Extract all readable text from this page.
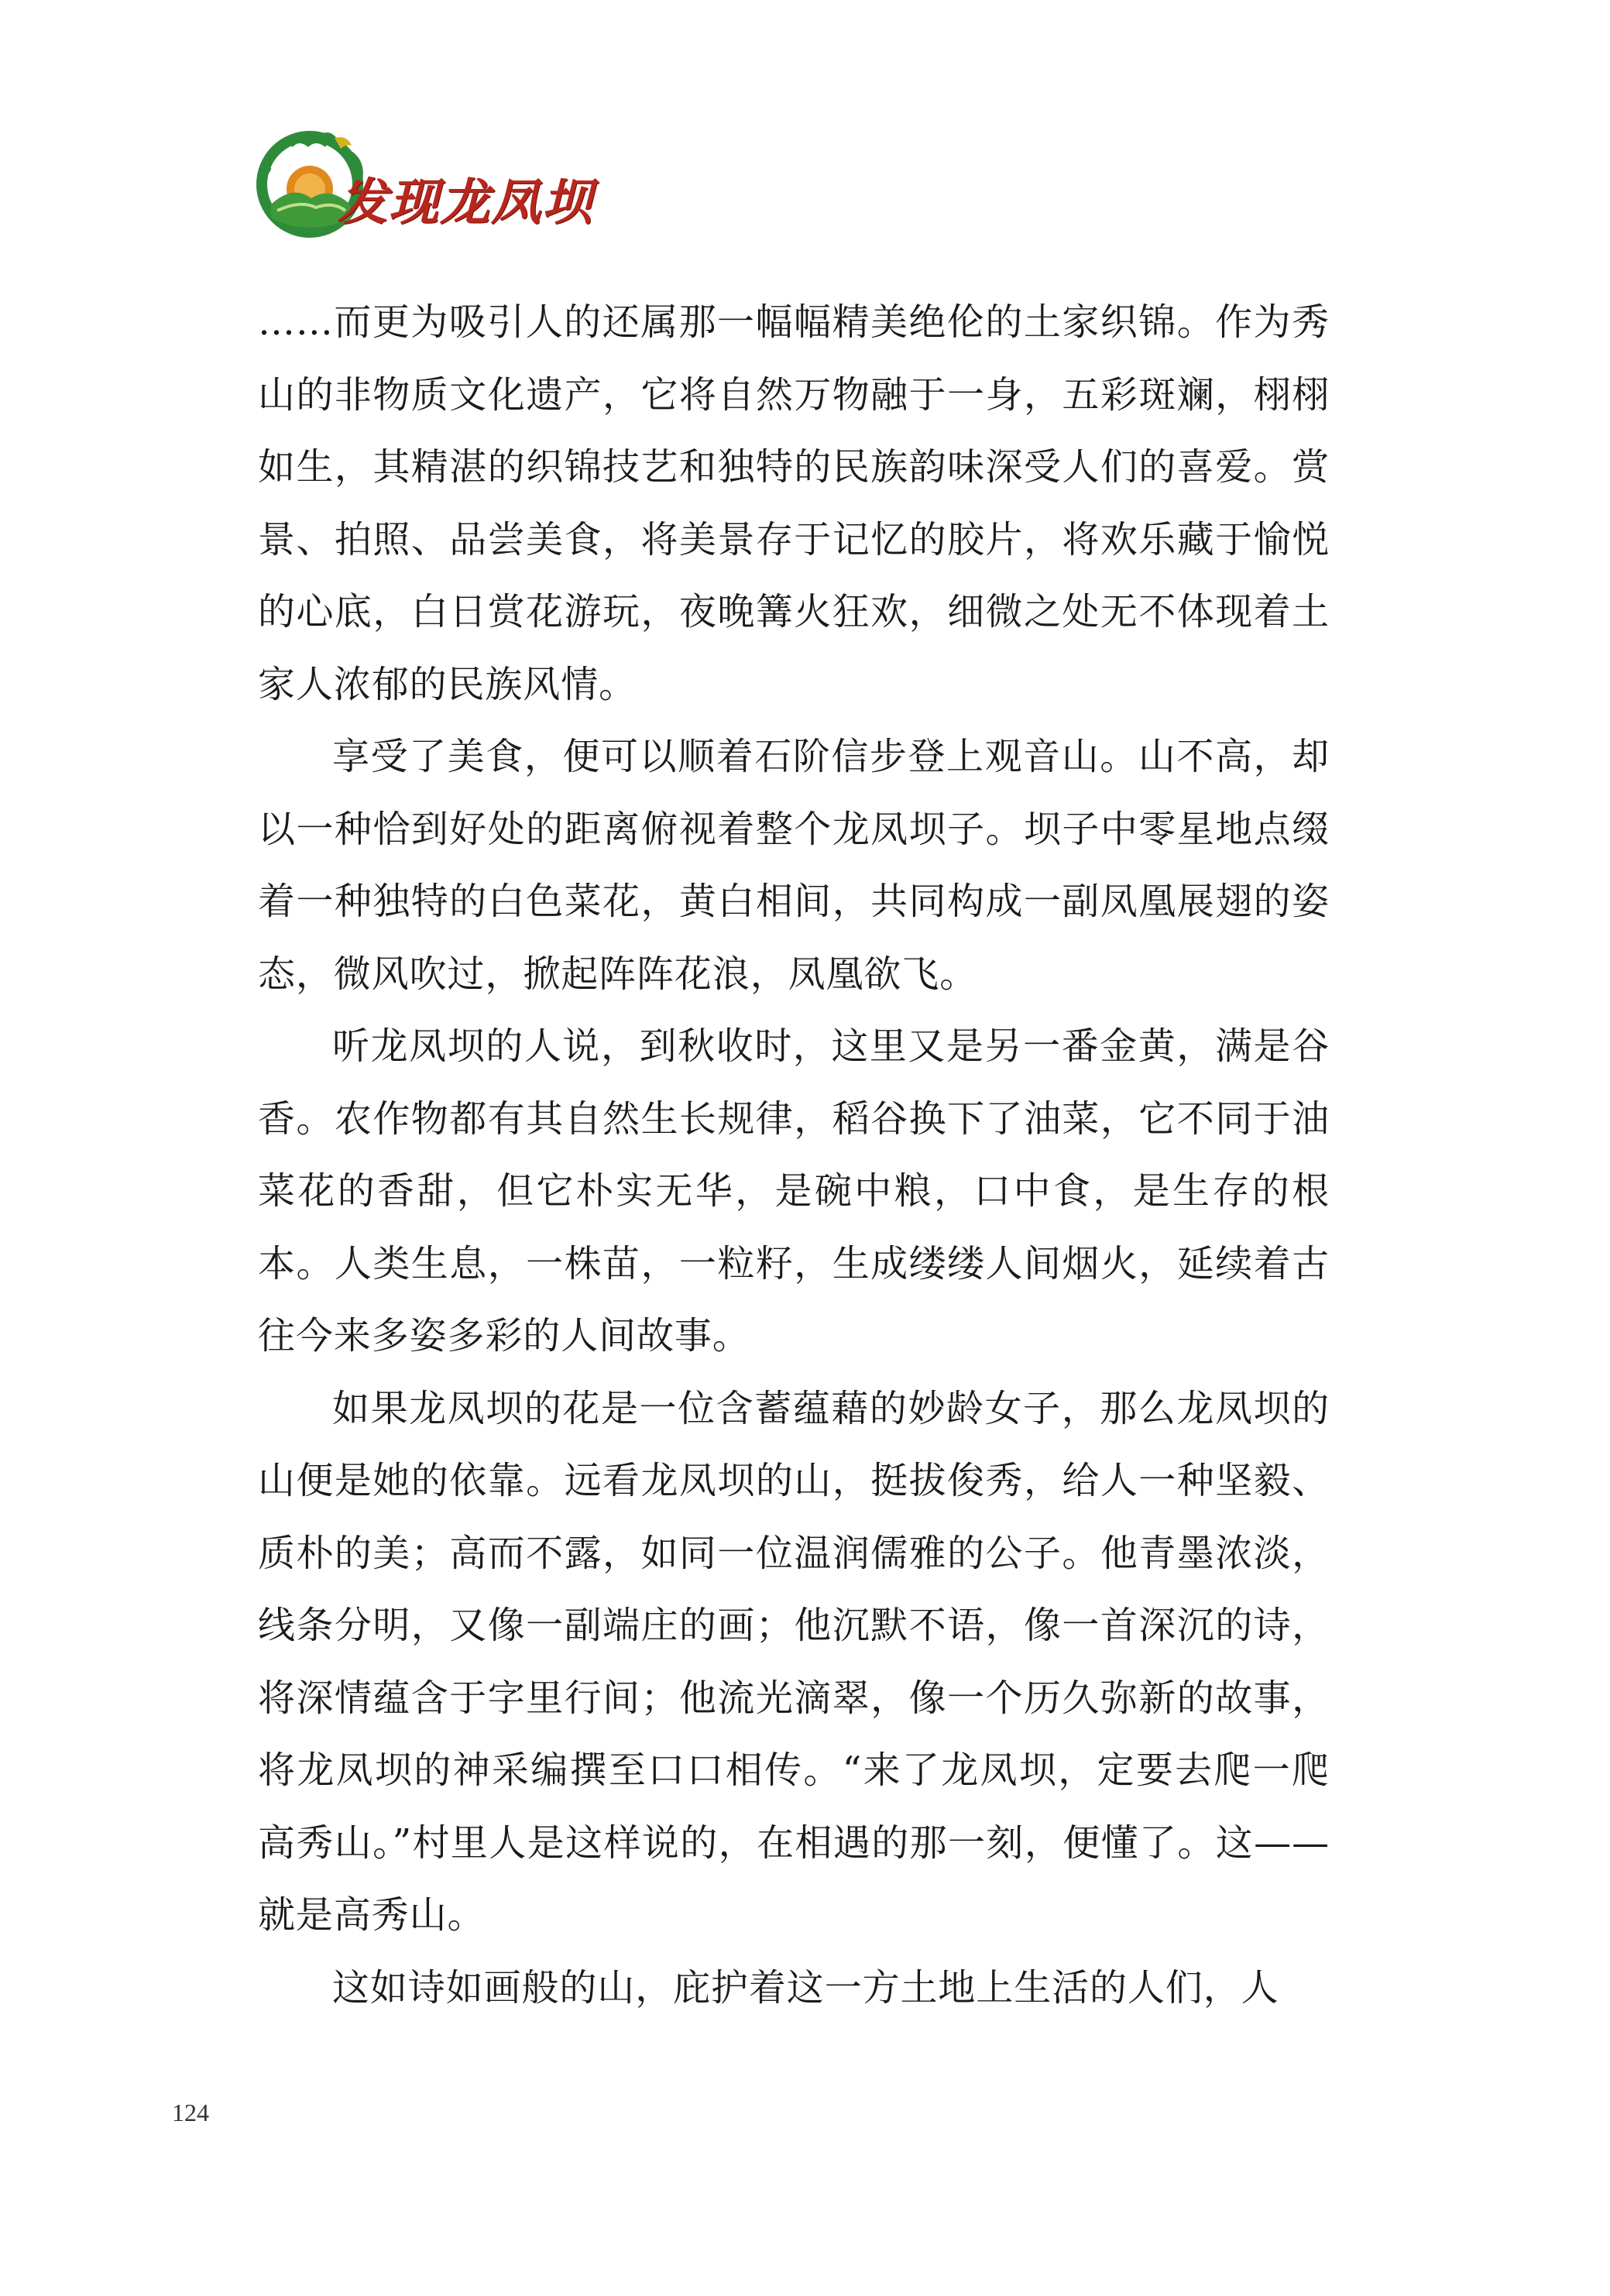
发现龙凤坝

……而更为吸引人的还属那一幅幅精美绝伦的土家织锦。作为秀山的非物质文化遗产，它将自然万物融于一身，五彩斑斓，栩栩如生，其精湛的织锦技艺和独特的民族韵味深受人们的喜爱。赏景、拍照、品尝美食，将美景存于记忆的胶片，将欢乐藏于愉悦的心底，白日赏花游玩，夜晚篝火狂欢，细微之处无不体现着土家人浓郁的民族风情。

享受了美食，便可以顺着石阶信步登上观音山。山不高，却以一种恰到好处的距离俯视着整个龙凤坝子。坝子中零星地点缀着一种独特的白色菜花，黄白相间，共同构成一副凤凰展翅的姿态，微风吹过，掀起阵阵花浪，凤凰欲飞。

听龙凤坝的人说，到秋收时，这里又是另一番金黄，满是谷香。农作物都有其自然生长规律，稻谷换下了油菜，它不同于油菜花的香甜，但它朴实无华，是碗中粮，口中食，是生存的根本。人类生息，一株苗，一粒籽，生成缕缕人间烟火，延续着古往今来多姿多彩的人间故事。

如果龙凤坝的花是一位含蓄蕴藉的妙龄女子，那么龙凤坝的山便是她的依靠。远看龙凤坝的山，挺拔俊秀，给人一种坚毅、质朴的美；高而不露，如同一位温润儒雅的公子。他青墨浓淡，线条分明，又像一副端庄的画；他沉默不语，像一首深沉的诗，将深情蕴含于字里行间；他流光滴翠，像一个历久弥新的故事，将龙凤坝的神采编撰至口口相传。“来了龙凤坝，定要去爬一爬高秀山。”村里人是这样说的，在相遇的那一刻，便懂了。这——就是高秀山。

这如诗如画般的山，庇护着这一方土地上生活的人们，人

124
